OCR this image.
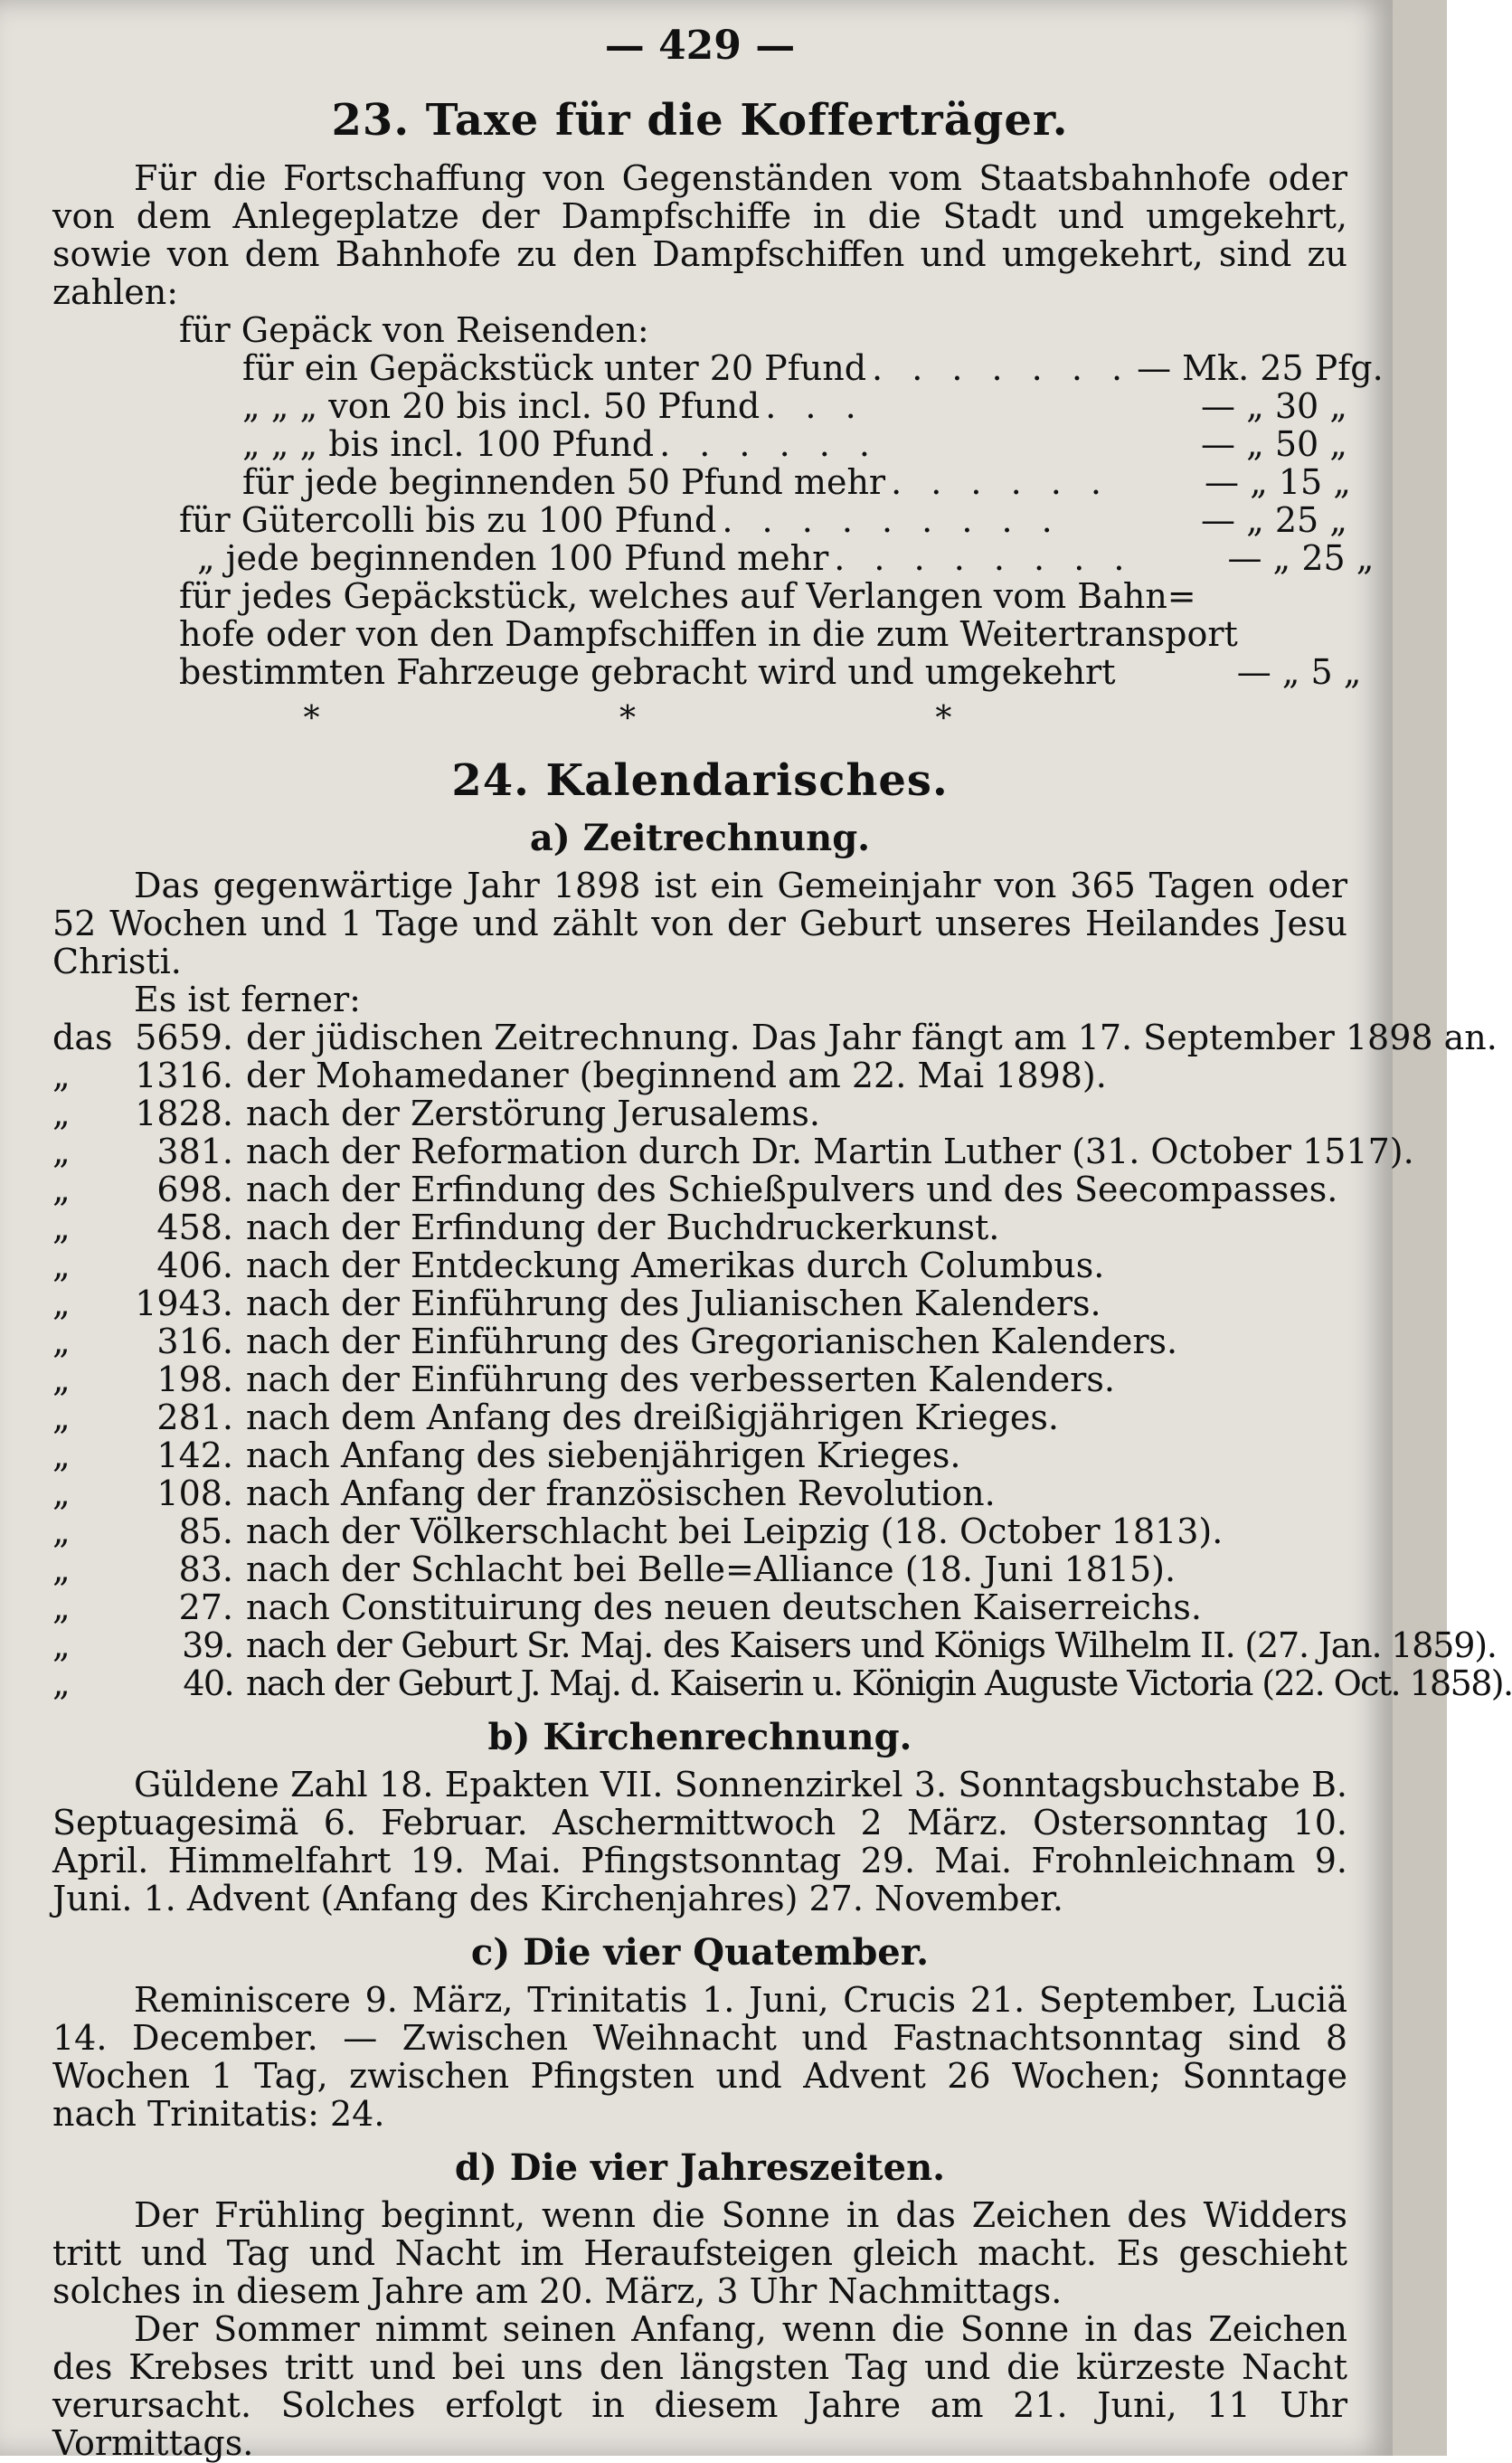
— 429 —
23. Taxe für die Kofferträger.

Für die Fortschaffung von Gegenständen vom Staatsbahnhofe oder von dem Anlegeplatze der Dampfschiffe in die Stadt und umgekehrt, sowie von dem Bahnhofe zu den Dampfschiffen und umgekehrt, sind zu zahlen:

für Gepäck von Reisenden:

für ein Gepäckstück unter 20 Pfund . . . . . . . — Mk. 25 Pfg.
„ „ „ von 20 bis incl. 50 Pfund . . .	— „ 30 „
„ „ „ bis incl. 100 Pfund . . . . . .	— „ 50 „
für jede beginnenden 50 Pfund mehr . . . . . .	— „ 15 „
für Gütercolli bis zu 100 Pfund . . . . . . . . .	— „ 25 „
„ jede beginnenden 100 Pfund mehr . . . . . . . .	— „ 25 „
für jedes Gepäckstück, welches auf Verlangen vom Bahn=
hofe oder von den Dampfschiffen in die zum Weitertransport
bestimmten Fahrzeuge gebracht wird und umgekehrt	— „ 5 „
* * *
24. Kalendarisches.
a) Zeitrechnung.

Das gegenwärtige Jahr 1898 ist ein Gemeinjahr von 365 Tagen oder 52 Wochen und 1 Tage und zählt von der Geburt unseres Heilandes Jesu Christi.

Es ist ferner:

das 5659. der jüdischen Zeitrechnung. Das Jahr fängt am 17. September 1898 an.
„	1316. der Mohamedaner (beginnend am 22. Mai 1898).
„	1828. nach der Zerstörung Jerusalems.
„	381. nach der Reformation durch Dr. Martin Luther (31. October 1517).
„	698. nach der Erfindung des Schießpulvers und des Seecompasses.
„	458. nach der Erfindung der Buchdruckerkunst.
„	406. nach der Entdeckung Amerikas durch Columbus.
„	1943. nach der Einführung des Julianischen Kalenders.
„	316. nach der Einführung des Gregorianischen Kalenders.
„	198. nach der Einführung des verbesserten Kalenders.
„	281. nach dem Anfang des dreißigjährigen Krieges.
„	142. nach Anfang des siebenjährigen Krieges.
„	108. nach Anfang der französischen Revolution.
„	85. nach der Völkerschlacht bei Leipzig (18. October 1813).
„	83. nach der Schlacht bei Belle=Alliance (18. Juni 1815).
„	27. nach Constituirung des neuen deutschen Kaiserreichs.
„	39. nach der Geburt Sr. Maj. des Kaisers und Königs Wilhelm II. (27. Jan. 1859).
„	40. nach der Geburt J. Maj. d. Kaiserin u. Königin Auguste Victoria (22. Oct. 1858).
b) Kirchenrechnung.

Güldene Zahl 18. Epakten VII. Sonnenzirkel 3. Sonntagsbuchstabe B. Septuagesimä 6. Februar. Aschermittwoch 2 März. Ostersonntag 10. April. Himmelfahrt 19. Mai. Pfingstsonntag 29. Mai. Frohnleichnam 9. Juni. 1. Advent (Anfang des Kirchenjahres) 27. November.

c) Die vier Quatember.

Reminiscere 9. März, Trinitatis 1. Juni, Crucis 21. September, Luciä 14. December. — Zwischen Weihnacht und Fastnachtsonntag sind 8 Wochen 1 Tag, zwischen Pfingsten und Advent 26 Wochen; Sonntage nach Trinitatis: 24.

d) Die vier Jahreszeiten.

Der Frühling beginnt, wenn die Sonne in das Zeichen des Widders tritt und Tag und Nacht im Heraufsteigen gleich macht. Es geschieht solches in diesem Jahre am 20. März, 3 Uhr Nachmittags.

Der Sommer nimmt seinen Anfang, wenn die Sonne in das Zeichen des Krebses tritt und bei uns den längsten Tag und die kürzeste Nacht verursacht. Solches erfolgt in diesem Jahre am 21. Juni, 11 Uhr Vormittags.
